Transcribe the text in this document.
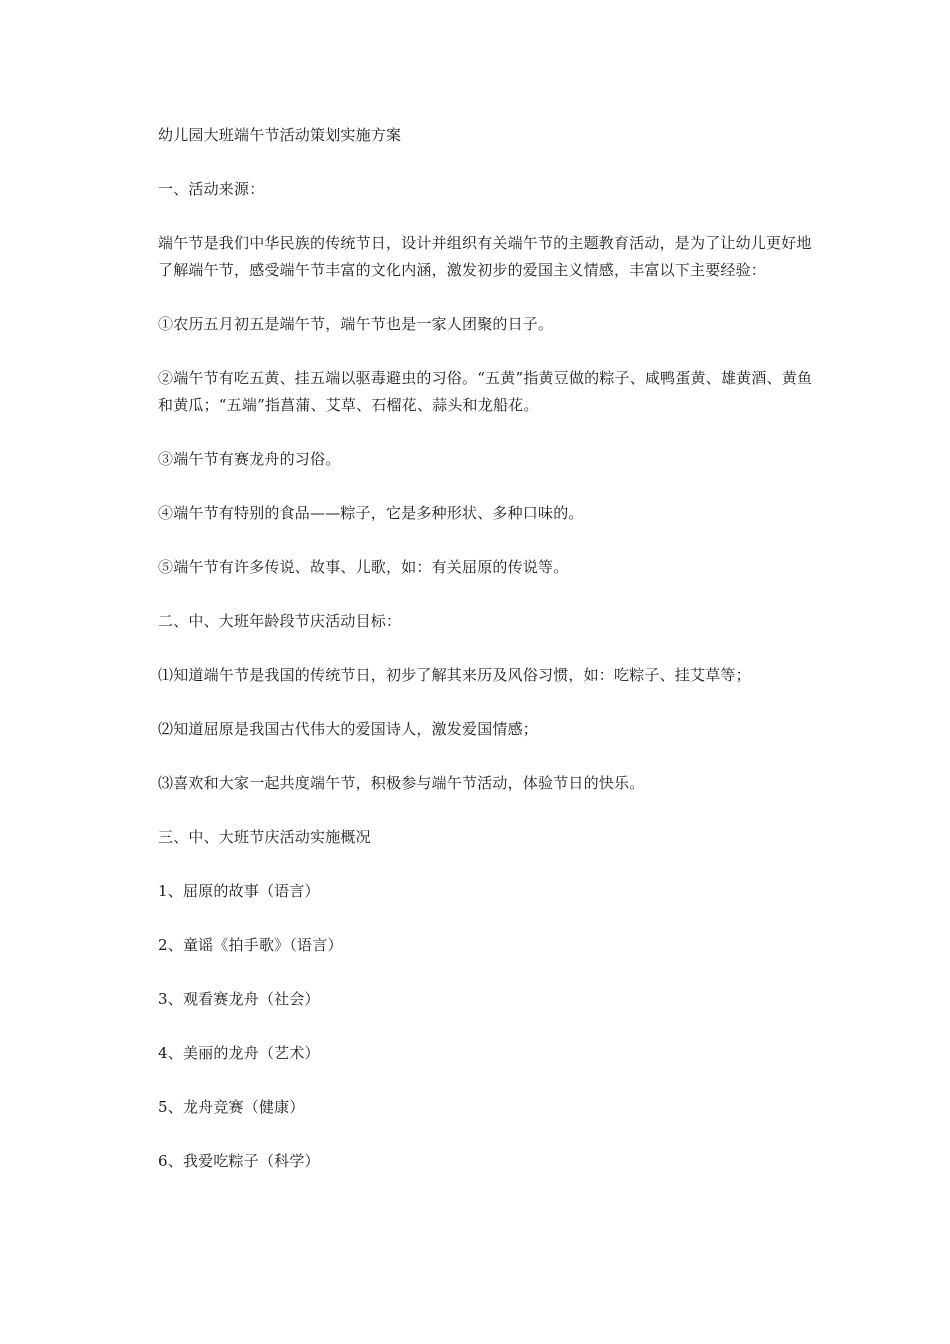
幼儿园大班端午节活动策划实施方案

一、活动来源：

端午节是我们中华民族的传统节日，设计并组织有关端午节的主题教育活动，是为了让幼儿更好地了解端午节，感受端午节丰富的文化内涵，激发初步的爱国主义情感，丰富以下主要经验：

①农历五月初五是端午节，端午节也是一家人团聚的日子。

②端午节有吃五黄、挂五端以驱毒避虫的习俗。“五黄”指黄豆做的粽子、咸鸭蛋黄、雄黄酒、黄鱼和黄瓜；“五端”指菖蒲、艾草、石榴花、蒜头和龙船花。

③端午节有赛龙舟的习俗。

④端午节有特别的食品——粽子，它是多种形状、多种口味的。

⑤端午节有许多传说、故事、儿歌，如：有关屈原的传说等。

二、中、大班年龄段节庆活动目标：

⑴知道端午节是我国的传统节日，初步了解其来历及风俗习惯，如：吃粽子、挂艾草等；

⑵知道屈原是我国古代伟大的爱国诗人，激发爱国情感；

⑶喜欢和大家一起共度端午节，积极参与端午节活动，体验节日的快乐。

三、中、大班节庆活动实施概况

1、屈原的故事（语言）

2、童谣《拍手歌》（语言）

3、观看赛龙舟（社会）

4、美丽的龙舟（艺术）

5、龙舟竞赛（健康）

6、我爱吃粽子（科学）
